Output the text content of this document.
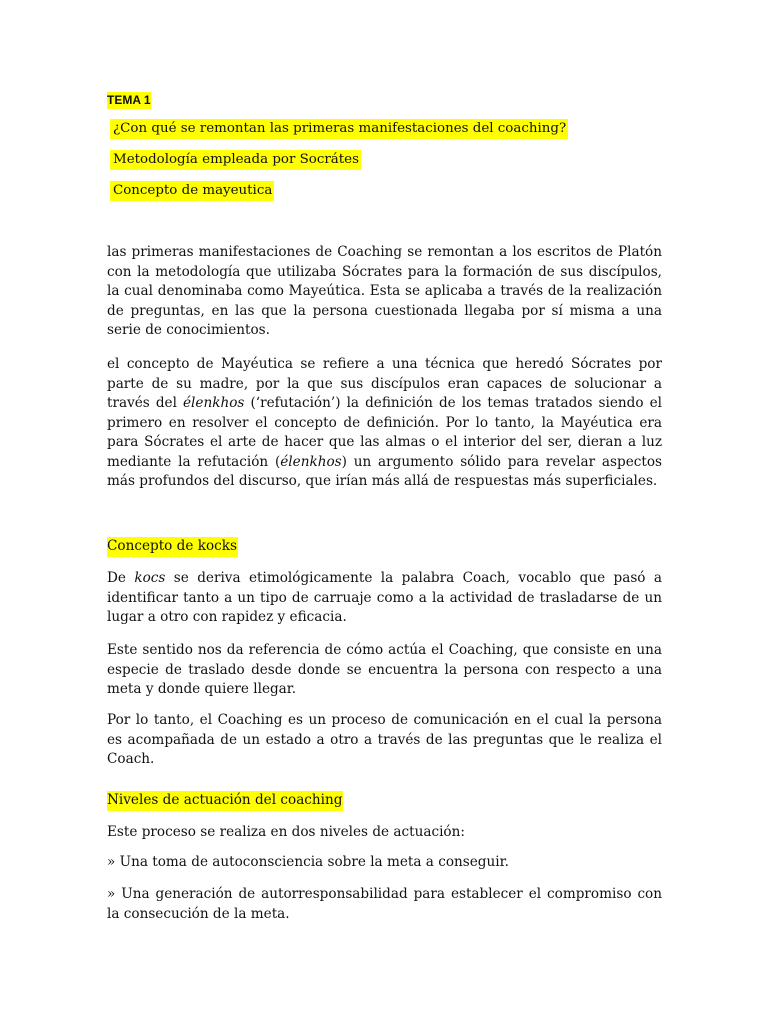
TEMA 1
¿Con qué se remontan las primeras manifestaciones del coaching?
Metodología empleada por Socrátes
Concepto de mayeutica

las primeras manifestaciones de Coaching se remontan a los escritos de Platón con la metodología que utilizaba Sócrates para la formación de sus discípulos, la cual denominaba como Mayeútica. Esta se aplicaba a través de la realización de preguntas, en las que la persona cuestionada llegaba por sí misma a una serie de conocimientos.

el concepto de Mayéutica se refiere a una técnica que heredó Sócrates por parte de su madre, por la que sus discípulos eran capaces de solucionar a través del élenkhos (‘refutación’) la definición de los temas tratados siendo el primero en resolver el concepto de definición. Por lo tanto, la Mayéutica era para Sócrates el arte de hacer que las almas o el interior del ser, dieran a luz mediante la refutación (élenkhos) un argumento sólido para revelar aspectos más profundos del discurso, que irían más allá de respuestas más superficiales.

Concepto de kocks

De kocs se deriva etimológicamente la palabra Coach, vocablo que pasó a identificar tanto a un tipo de carruaje como a la actividad de trasladarse de un lugar a otro con rapidez y eficacia.

Este sentido nos da referencia de cómo actúa el Coaching, que consiste en una especie de traslado desde donde se encuentra la persona con respecto a una meta y donde quiere llegar.

Por lo tanto, el Coaching es un proceso de comunicación en el cual la persona es acompañada de un estado a otro a través de las preguntas que le realiza el Coach.

Niveles de actuación del coaching

Este proceso se realiza en dos niveles de actuación:

» Una toma de autoconsciencia sobre la meta a conseguir.

» Una generación de autorresponsabilidad para establecer el compromiso con la consecución de la meta.
